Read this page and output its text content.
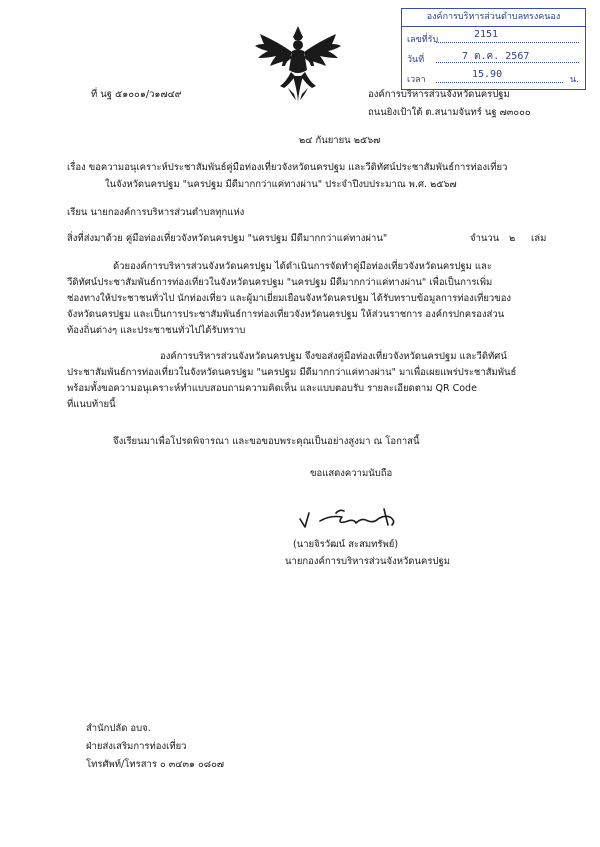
องค์การบริหารส่วนตำบลทรงคนอง
เลขที่รับ	2151
วันที่	7 ต.ค. 2567
เวลา	15.90	น.
ที่ นฐ ๕๑๐๐๑/ว๑๗๔๙	องค์การบริหารส่วนจังหวัดนครปฐม
ถนนยิงเป้าใต้ ต.สนามจันทร์ นฐ ๗๓๐๐๐
๒๔ กันยายน ๒๕๖๗
เรื่อง ขอความอนุเคราะห์ประชาสัมพันธ์คู่มือท่องเที่ยวจังหวัดนครปฐม และวีดิทัศน์ประชาสัมพันธ์การท่องเที่ยว
ในจังหวัดนครปฐม "นครปฐม มีดีมากกว่าแค่ทางผ่าน" ประจำปีงบประมาณ พ.ศ. ๒๕๖๗
เรียน นายกองค์การบริหารส่วนตำบลทุกแห่ง
สิ่งที่ส่งมาด้วย คู่มือท่องเที่ยวจังหวัดนครปฐม "นครปฐม มีดีมากกว่าแค่ทางผ่าน"	จำนวน ๒ เล่ม
ด้วยองค์การบริหารส่วนจังหวัดนครปฐม ได้ดำเนินการจัดทำคู่มือท่องเที่ยวจังหวัดนครปฐม และ
วีดิทัศน์ประชาสัมพันธ์การท่องเที่ยวในจังหวัดนครปฐม "นครปฐม มีดีมากกว่าแค่ทางผ่าน" เพื่อเป็นการเพิ่ม
ช่องทางให้ประชาชนทั่วไป นักท่องเที่ยว และผู้มาเยี่ยมเยือนจังหวัดนครปฐม ได้รับทราบข้อมูลการท่องเที่ยวของ
จังหวัดนครปฐม และเป็นการประชาสัมพันธ์การท่องเที่ยวจังหวัดนครปฐม ให้ส่วนราชการ องค์กรปกครองส่วน
ท้องถิ่นต่างๆ และประชาชนทั่วไปได้รับทราบ
องค์การบริหารส่วนจังหวัดนครปฐม จึงขอส่งคู่มือท่องเที่ยวจังหวัดนครปฐม และวีดิทัศน์
ประชาสัมพันธ์การท่องเที่ยวในจังหวัดนครปฐม "นครปฐม มีดีมากกว่าแค่ทางผ่าน" มาเพื่อเผยแพร่ประชาสัมพันธ์
พร้อมทั้งขอความอนุเคราะห์ทำแบบสอบถามความคิดเห็น และแบบตอบรับ รายละเอียดตาม QR Code
ที่แนบท้ายนี้
จึงเรียนมาเพื่อโปรดพิจารณา และขอขอบพระคุณเป็นอย่างสูงมา ณ โอกาสนี้
ขอแสดงความนับถือ
(นายจิรวัฒน์ สะสมทรัพย์)
นายกองค์การบริหารส่วนจังหวัดนครปฐม
สำนักปลัด อบจ.
ฝ่ายส่งเสริมการท่องเที่ยว
โทรศัพท์/โทรสาร ๐ ๓๔๓๑ ๐๘๐๗
